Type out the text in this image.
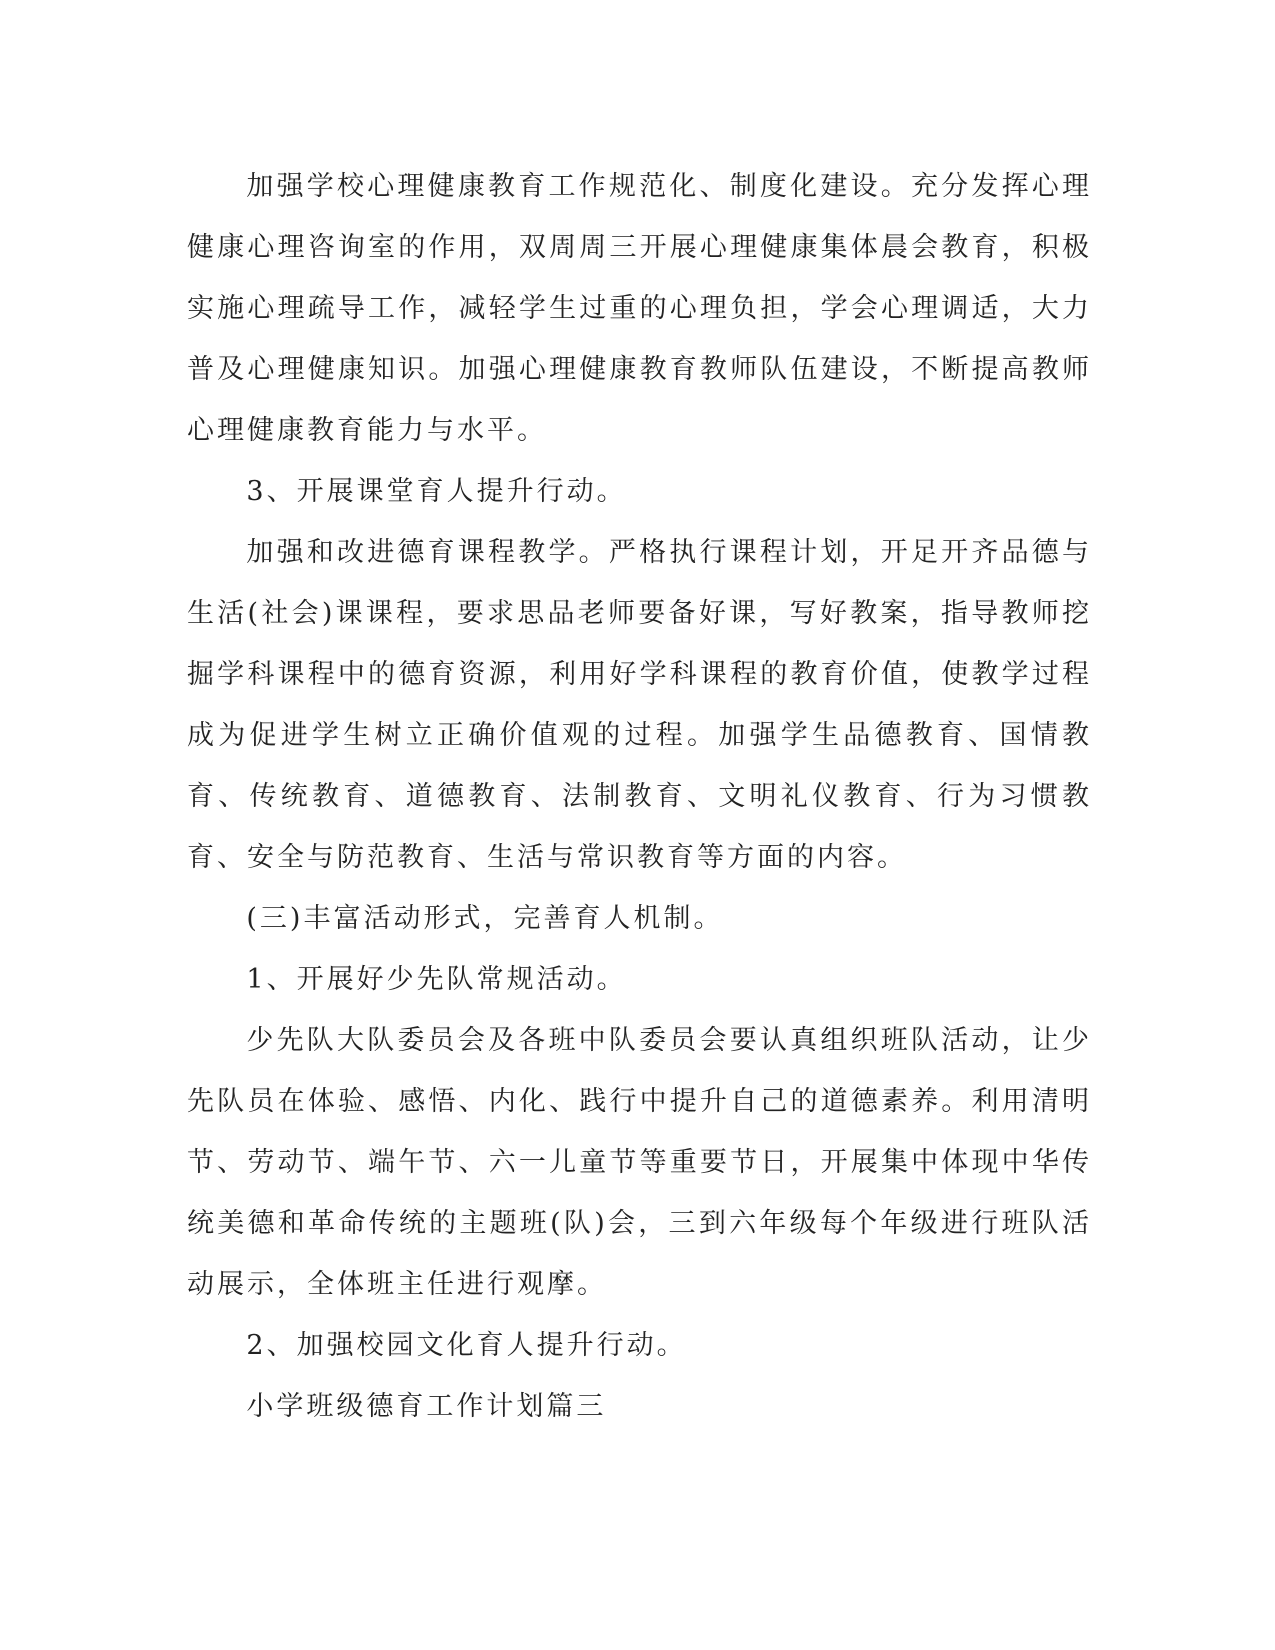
加强学校心理健康教育工作规范化、制度化建设。充分发挥心理健康心理咨询室的作用，双周周三开展心理健康集体晨会教育，积极实施心理疏导工作，减轻学生过重的心理负担，学会心理调适，大力普及心理健康知识。加强心理健康教育教师队伍建设，不断提高教师心理健康教育能力与水平。

3、开展课堂育人提升行动。

加强和改进德育课程教学。严格执行课程计划，开足开齐品德与生活(社会)课课程，要求思品老师要备好课，写好教案，指导教师挖掘学科课程中的德育资源，利用好学科课程的教育价值，使教学过程成为促进学生树立正确价值观的过程。加强学生品德教育、国情教育、传统教育、道德教育、法制教育、文明礼仪教育、行为习惯教育、安全与防范教育、生活与常识教育等方面的内容。

(三)丰富活动形式，完善育人机制。

1、开展好少先队常规活动。

少先队大队委员会及各班中队委员会要认真组织班队活动，让少先队员在体验、感悟、内化、践行中提升自己的道德素养。利用清明节、劳动节、端午节、六一儿童节等重要节日，开展集中体现中华传统美德和革命传统的主题班(队)会，三到六年级每个年级进行班队活动展示，全体班主任进行观摩。

2、加强校园文化育人提升行动。

小学班级德育工作计划篇三
